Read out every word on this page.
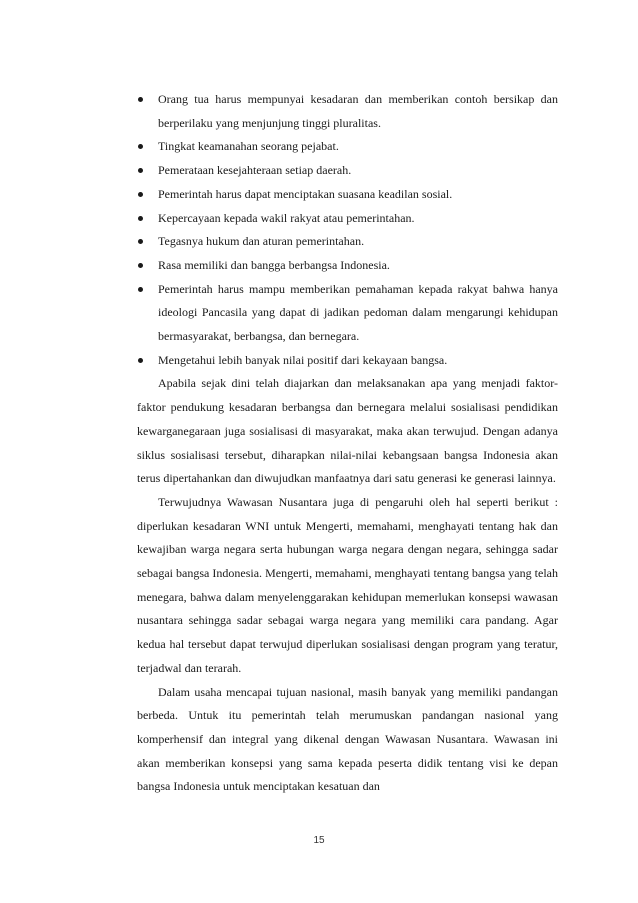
Orang tua harus mempunyai kesadaran dan memberikan contoh bersikap dan berperilaku yang menjunjung tinggi pluralitas.
Tingkat keamanahan seorang pejabat.
Pemerataan kesejahteraan setiap daerah.
Pemerintah harus dapat menciptakan suasana keadilan sosial.
Kepercayaan kepada wakil rakyat atau pemerintahan.
Tegasnya hukum dan aturan pemerintahan.
Rasa memiliki dan bangga berbangsa Indonesia.
Pemerintah harus mampu memberikan pemahaman kepada rakyat bahwa hanya ideologi Pancasila yang dapat di jadikan pedoman dalam mengarungi kehidupan bermasyarakat, berbangsa, dan bernegara.
Mengetahui lebih banyak nilai positif dari kekayaan bangsa.

Apabila sejak dini telah diajarkan dan melaksanakan apa yang menjadi faktor-faktor pendukung kesadaran berbangsa dan bernegara melalui sosialisasi pendidikan kewarganegaraan juga sosialisasi di masyarakat, maka akan terwujud. Dengan adanya siklus sosialisasi tersebut, diharapkan nilai-nilai kebangsaan bangsa Indonesia akan terus dipertahankan dan diwujudkan manfaatnya dari satu generasi ke generasi lainnya.

Terwujudnya Wawasan Nusantara juga di pengaruhi oleh hal seperti berikut : diperlukan kesadaran WNI untuk Mengerti, memahami, menghayati tentang hak dan kewajiban warga negara serta hubungan warga negara dengan negara, sehingga sadar sebagai bangsa Indonesia. Mengerti, memahami, menghayati tentang bangsa yang telah menegara, bahwa dalam menyelenggarakan kehidupan memerlukan konsepsi wawasan nusantara sehingga sadar sebagai warga negara yang memiliki cara pandang. Agar kedua hal tersebut dapat terwujud diperlukan sosialisasi dengan program yang teratur, terjadwal dan terarah.

Dalam usaha mencapai tujuan nasional, masih banyak yang memiliki pandangan berbeda. Untuk itu pemerintah telah merumuskan pandangan nasional yang komperhensif dan integral yang dikenal dengan Wawasan Nusantara. Wawasan ini akan memberikan konsepsi yang sama kepada peserta didik tentang visi ke depan bangsa Indonesia untuk menciptakan kesatuan dan

15
